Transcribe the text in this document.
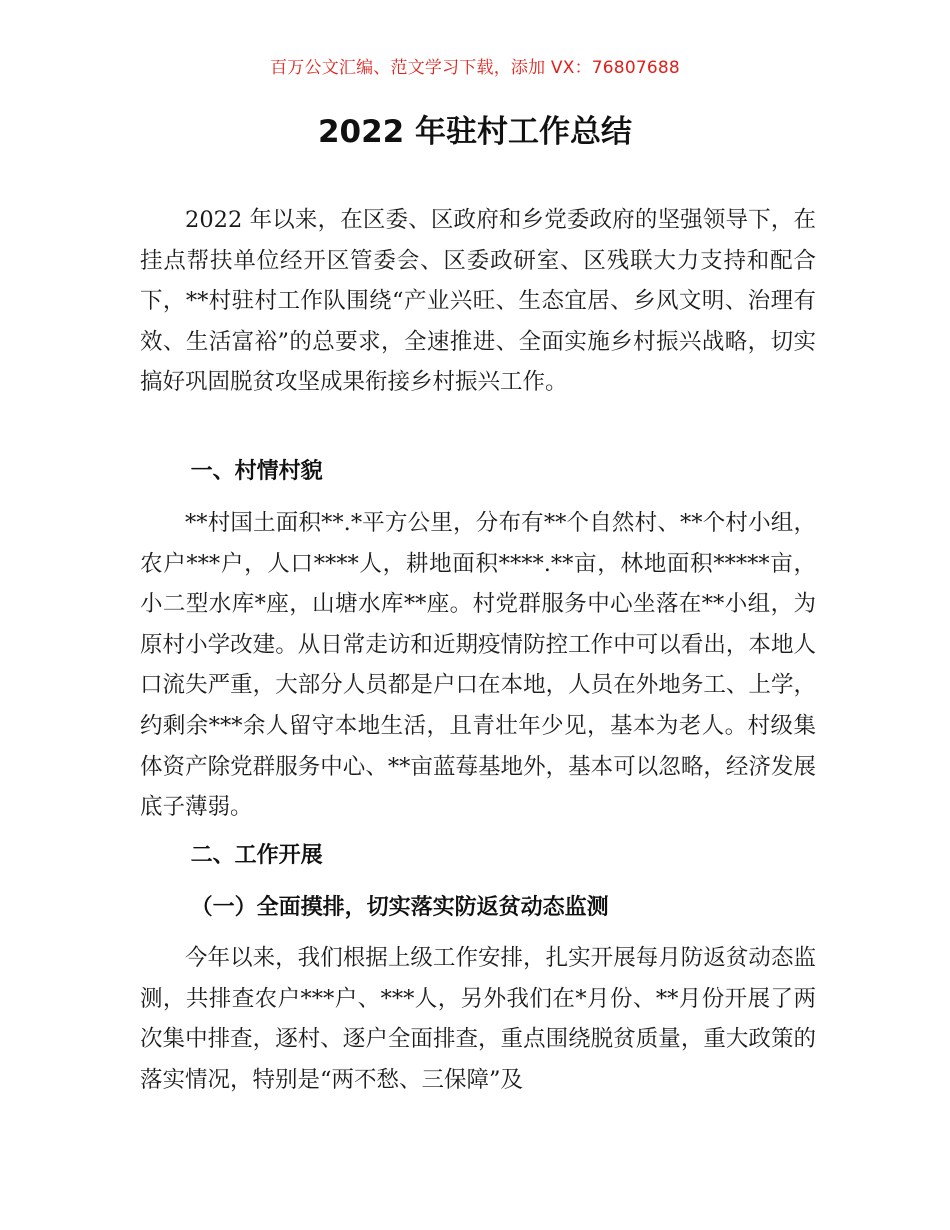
百万公文汇编、范文学习下载，添加 VX：76807688
2022 年驻村工作总结

2022 年以来，在区委、区政府和乡党委政府的坚强领导下，在挂点帮扶单位经开区管委会、区委政研室、区残联大力支持和配合下，**村驻村工作队围绕“产业兴旺、生态宜居、乡风文明、治理有效、生活富裕”的总要求，全速推进、全面实施乡村振兴战略，切实搞好巩固脱贫攻坚成果衔接乡村振兴工作。

一、村情村貌

**村国土面积**.*平方公里，分布有**个自然村、**个村小组，农户***户，人口****人，耕地面积****.**亩，林地面积*****亩，小二型水库*座，山塘水库**座。村党群服务中心坐落在**小组，为原村小学改建。从日常走访和近期疫情防控工作中可以看出，本地人口流失严重，大部分人员都是户口在本地，人员在外地务工、上学，约剩余***余人留守本地生活，且青壮年少见，基本为老人。村级集体资产除党群服务中心、**亩蓝莓基地外，基本可以忽略，经济发展底子薄弱。

二、工作开展

（一）全面摸排，切实落实防返贫动态监测

今年以来，我们根据上级工作安排，扎实开展每月防返贫动态监测，共排查农户***户、***人，另外我们在*月份、**月份开展了两次集中排查，逐村、逐户全面排查，重点围绕脱贫质量，重大政策的落实情况，特别是“两不愁、三保障”及
